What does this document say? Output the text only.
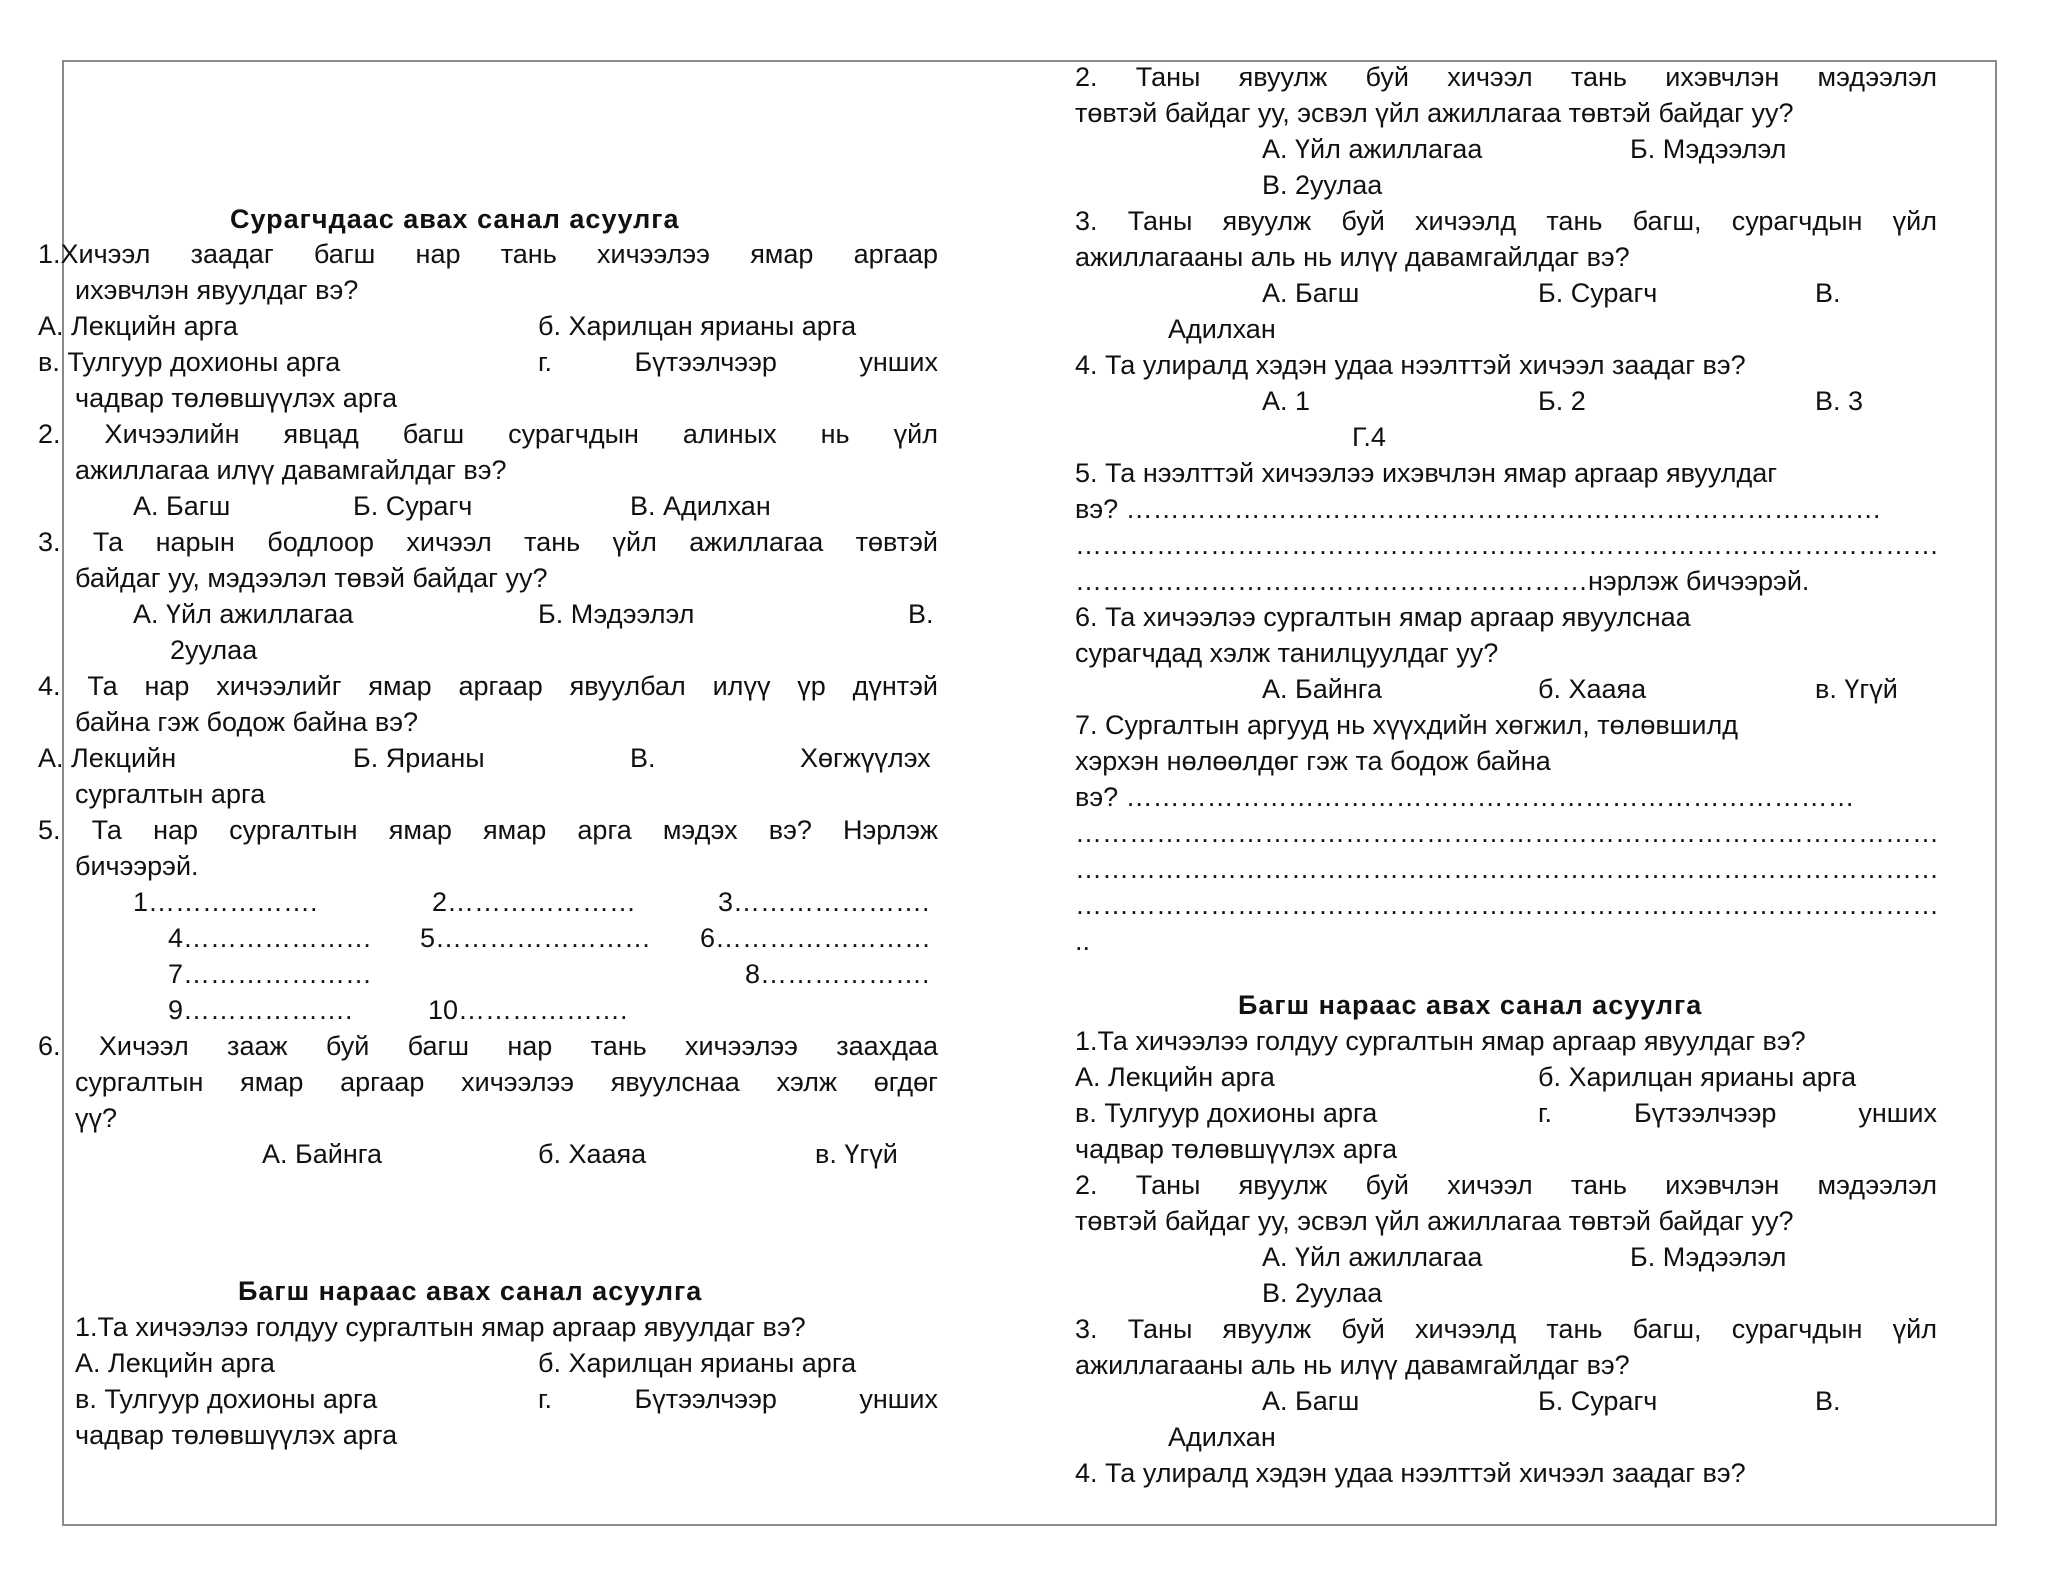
Сурагчдаас авах санал асуулга
1.Хичээл заадаг багш нар тань хичээлээ ямар аргаар
ихэвчлэн явуулдаг вэ?
А. Лекцийн арга	б. Харилцан ярианы арга
в. Тулгуур дохионы арга	г. Бүтээлчээр унших
чадвар төлөвшүүлэх арга
2. Хичээлийн явцад багш сурагчдын алиных нь үйл
ажиллагаа илүү давамгайлдаг вэ?
А. Багш	Б. Сурагч	В. Адилхан
3. Та нарын бодлоор хичээл тань үйл ажиллагаа төвтэй
байдаг уу, мэдээлэл төвэй байдаг уу?
А. Үйл ажиллагаа	Б. Мэдээлэл	В.
2уулаа
4. Та нар хичээлийг ямар аргаар явуулбал илүү үр дүнтэй
байна гэж бодож байна вэ?
А. Лекцийн	Б. Ярианы	В.	Хөгжүүлэх
сургалтын арга
5. Та нар сургалтын ямар ямар арга мэдэх вэ? Нэрлэж
бичээрэй.
1……………….	2…………………	3………………….
4………………… 5…………………… 6……………………
7…………………	8……………….
9……………….	10……………….
6. Хичээл зааж буй багш нар тань хичээлээ заахдаа
сургалтын ямар аргаар хичээлээ явуулснаа хэлж өгдөг
үү?
А. Байнга	б. Хааяа	в. Үгүй
Багш нараас авах санал асуулга
1.Та хичээлээ голдуу сургалтын ямар аргаар явуулдаг вэ?
А. Лекцийн арга	б. Харилцан ярианы арга
в. Тулгуур дохионы арга	г. Бүтээлчээр унших
чадвар төлөвшүүлэх арга
2. Таны явуулж буй хичээл тань ихэвчлэн мэдээлэл
төвтэй байдаг уу, эсвэл үйл ажиллагаа төвтэй байдаг уу?
А. Үйл ажиллагаа	Б. Мэдээлэл
В. 2уулаа
3. Таны явуулж буй хичээлд тань багш, сурагчдын үйл
ажиллагааны аль нь илүү давамгайлдаг вэ?
А. Багш	Б. Сурагч	В.
Адилхан
4. Та улиралд хэдэн удаа нээлттэй хичээл заадаг вэ?
А. 1	Б. 2	В. 3
Г.4
5. Та нээлттэй хичээлээ ихэвчлэн ямар аргаар явуулдаг
вэ? …………………………………………………………………………
……………………………………………………………………………………
…………………………………………………нэрлэж бичээрэй.
6. Та хичээлээ сургалтын ямар аргаар явуулснаа
сурагчдад хэлж танилцуулдаг уу?
А. Байнга	б. Хааяа	в. Үгүй
7. Сургалтын аргууд нь хүүхдийн хөгжил, төлөвшилд
хэрхэн нөлөөлдөг гэж та бодож байна
вэ? ………………………………………………………………………
……………………………………………………………………………………
……………………………………………………………………………………
……………………………………………………………………………………
..
Багш нараас авах санал асуулга
1.Та хичээлээ голдуу сургалтын ямар аргаар явуулдаг вэ?
А. Лекцийн арга	б. Харилцан ярианы арга
в. Тулгуур дохионы арга	г. Бүтээлчээр унших
чадвар төлөвшүүлэх арга
2. Таны явуулж буй хичээл тань ихэвчлэн мэдээлэл
төвтэй байдаг уу, эсвэл үйл ажиллагаа төвтэй байдаг уу?
А. Үйл ажиллагаа	Б. Мэдээлэл
В. 2уулаа
3. Таны явуулж буй хичээлд тань багш, сурагчдын үйл
ажиллагааны аль нь илүү давамгайлдаг вэ?
А. Багш	Б. Сурагч	В.
Адилхан
4. Та улиралд хэдэн удаа нээлттэй хичээл заадаг вэ?
